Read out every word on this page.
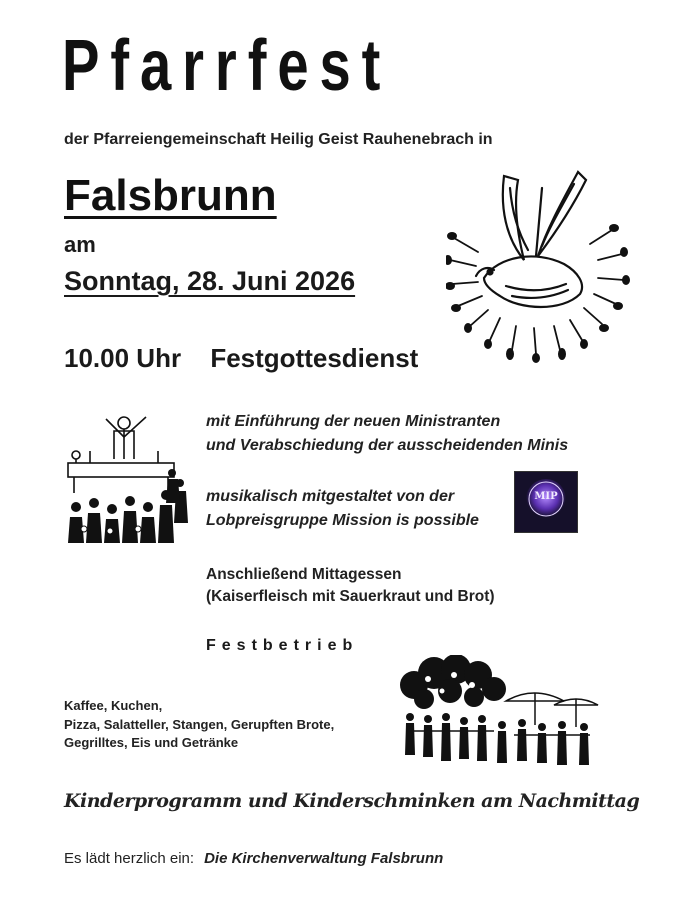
Pfarrfest
der Pfarreiengemeinschaft Heilig Geist Rauhenebrach in
Falsbrunn
am
Sonntag, 28. Juni 2026
10.00 Uhr Festgottesdienst
mit Einführung der neuen Ministranten
und Verabschiedung der ausscheidenden Minis
musikalisch mitgestaltet von der
Lobpreisgruppe Mission is possible
MIP
Anschließend Mittagessen
(Kaiserfleisch mit Sauerkraut und Brot)
Festbetrieb
Kaffee, Kuchen,
Pizza, Salatteller, Stangen, Gerupften Brote,
Gegrilltes, Eis und Getränke
Kinderprogramm und Kinderschminken am Nachmittag
Es lädt herzlich ein: Die Kirchenverwaltung Falsbrunn
